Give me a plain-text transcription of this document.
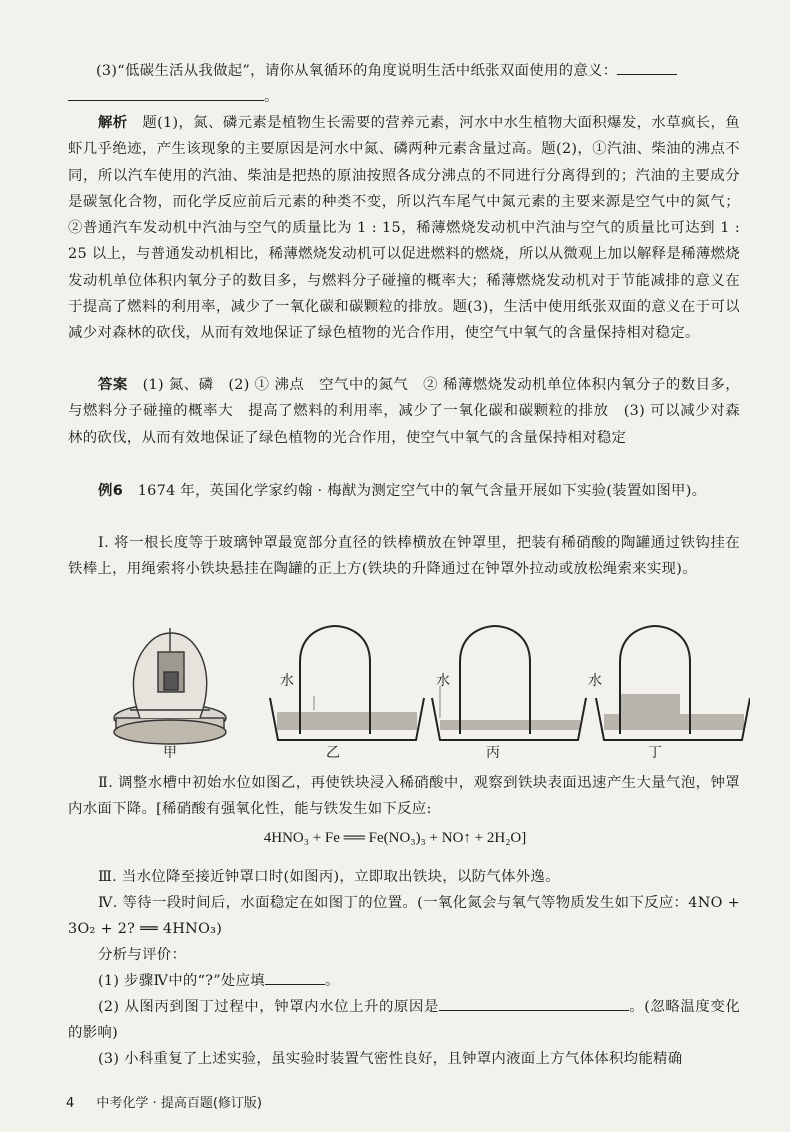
(3)“低碳生活从我做起”，请你从氧循环的角度说明生活中纸张双面使用的意义：
。
解析　 题(1)，氮、磷元素是植物生长需要的营养元素，河水中水生植物大面积爆发，水草疯长，鱼虾几乎绝迹，产生该现象的主要原因是河水中氮、磷两种元素含量过高。题(2)，①汽油、柴油的沸点不同，所以汽车使用的汽油、柴油是把热的原油按照各成分沸点的不同进行分离得到的；汽油的主要成分是碳氢化合物，而化学反应前后元素的种类不变，所以汽车尾气中氮元素的主要来源是空气中的氮气；②普通汽车发动机中汽油与空气的质量比为 1 : 15，稀薄燃烧发动机中汽油与空气的质量比可达到 1 : 25 以上，与普通发动机相比，稀薄燃烧发动机可以促进燃料的燃烧，所以从微观上加以解释是稀薄燃烧发动机单位体积内氧分子的数目多，与燃料分子碰撞的概率大；稀薄燃烧发动机对于节能减排的意义在于提高了燃料的利用率，减少了一氧化碳和碳颗粒的排放。题(3)，生活中使用纸张双面的意义在于可以减少对森林的砍伐，从而有效地保证了绿色植物的光合作用，使空气中氧气的含量保持相对稳定。
答案　 (1) 氮、磷　(2) ① 沸点　空气中的氮气　② 稀薄燃烧发动机单位体积内氧分子的数目多，与燃料分子碰撞的概率大　提高了燃料的利用率，减少了一氧化碳和碳颗粒的排放　(3) 可以减少对森林的砍伐，从而有效地保证了绿色植物的光合作用，使空气中氧气的含量保持相对稳定
例6　 1674 年，英国化学家约翰 · 梅猷为测定空气中的氧气含量开展如下实验(装置如图甲)。
Ⅰ. 将一根长度等于玻璃钟罩最宽部分直径的铁棒横放在钟罩里，把装有稀硝酸的陶罐通过铁钩挂在铁棒上，用绳索将小铁块悬挂在陶罐的正上方(铁块的升降通过在钟罩外拉动或放松绳索来实现)。
甲	乙	丙	丁
水	水	水
Ⅱ. 调整水槽中初始水位如图乙，再使铁块浸入稀硝酸中，观察到铁块表面迅速产生大量气泡，钟罩内水面下降。[稀硝酸有强氧化性，能与铁发生如下反应:
4HNO₃ + Fe ══ Fe(NO₃)₃ + NO↑ + 2H₂O]
Ⅲ. 当水位降至接近钟罩口时(如图丙)，立即取出铁块，以防气体外逸。
Ⅳ. 等待一段时间后，水面稳定在如图丁的位置。(一氧化氮会与氧气等物质发生如下反应：4NO + 3O₂ + 2? ══ 4HNO₃)
分析与评价：
(1) 步骤Ⅳ中的“?”处应填	。
(2) 从图丙到图丁过程中，钟罩内水位上升的原因是	。(忽略温度变化的影响)
(3) 小科重复了上述实验，虽实验时装置气密性良好，且钟罩内液面上方气体体积均能精确
4 中考化学 · 提高百题(修订版)
